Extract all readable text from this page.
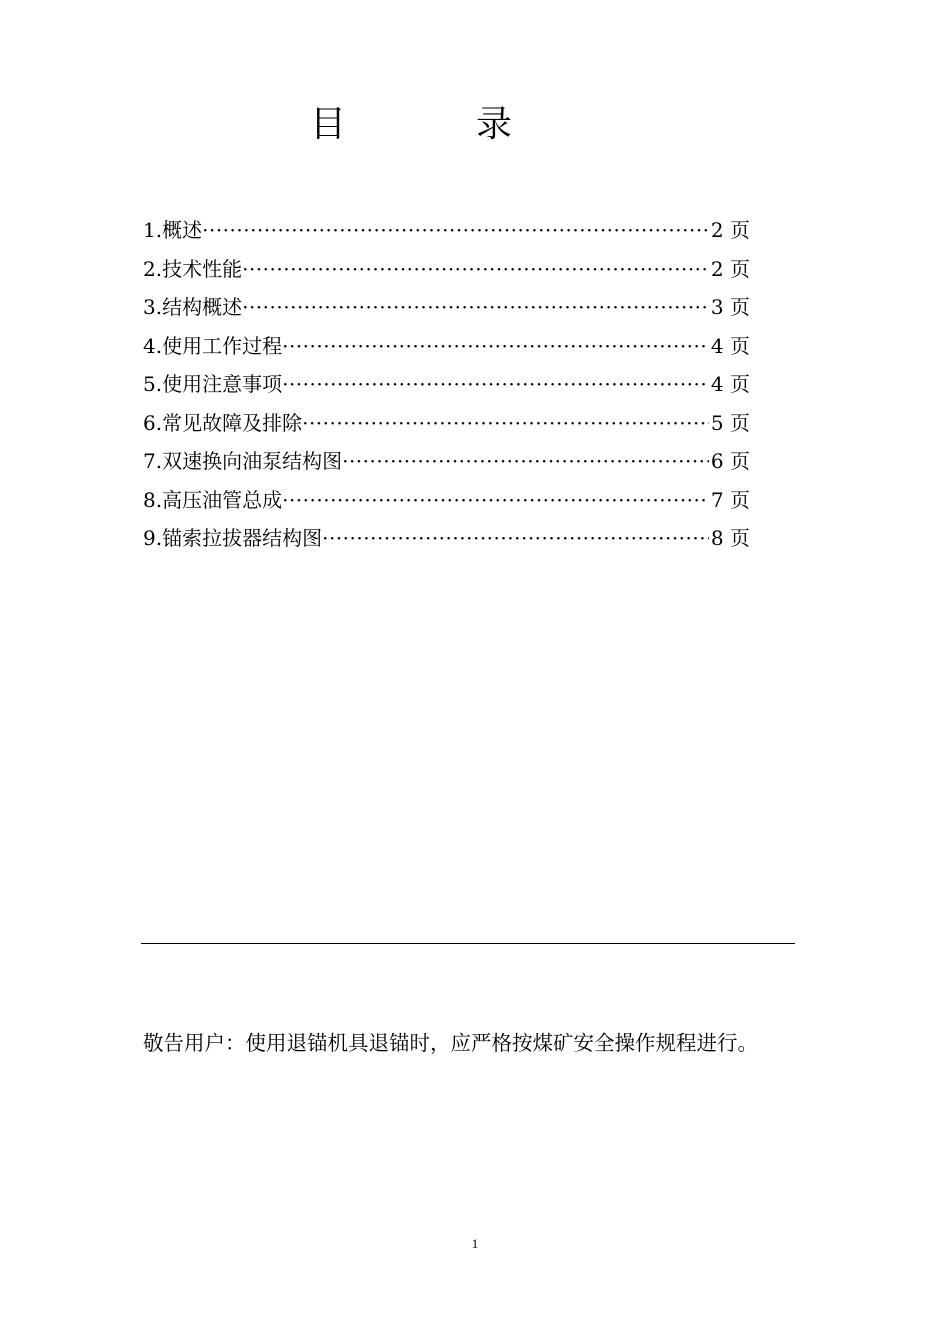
目	录
1. 概述 ·····	2 页
2. 技术性能 ·····	2 页
3. 结构概述 ·····	3 页
4. 使用工作过程 ·····	4 页
5. 使用注意事项 ·····	4 页
6. 常见故障及排除 ·····	5 页
7. 双速换向油泵结构图 ·····	6 页
8. 高压油管总成 ·····	7 页
9. 锚索拉拔器结构图 ·····	8 页
敬告用户：使用退锚机具退锚时，应严格按煤矿安全操作规程进行。
1
